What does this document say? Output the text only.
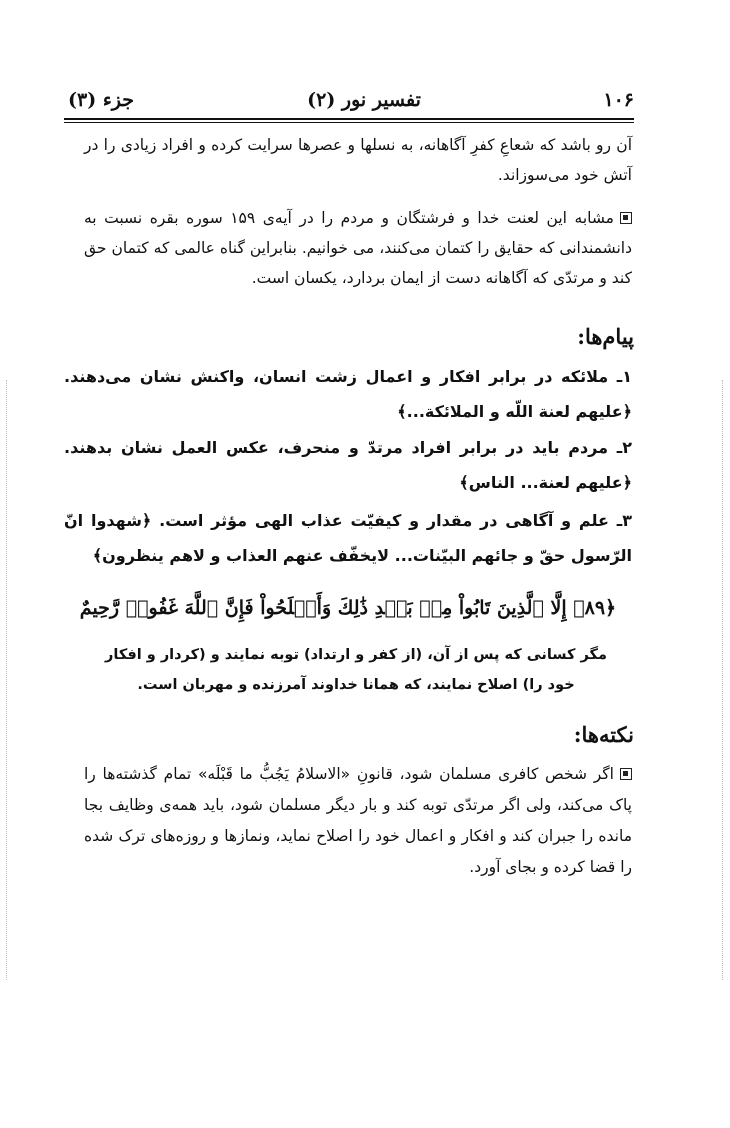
۱۰۶
تفسیر نور (۲)
جزء (۳)
آن رو باشد که شعاعِ کفرِ آگاهانه، به نسلها و عصرها سرایت کرده و افراد زیادی را در آتش خود می‌سوزاند.
مشابه این لعنت خدا و فرشتگان و مردم را در آیه‌ی ۱۵۹ سوره بقره نسبت به دانشمندانی که حقایق را کتمان می‌کنند، می خوانیم. بنابراین گناه عالمی که کتمان حق کند و مرتدّی که آگاهانه دست از ایمان بردارد، یکسان است.
پیام‌ها:
۱ـ ملائکه در برابر افکار و اعمال زشت انسان، واکنش نشان می‌دهند. ﴿علیهم لعنة اللّه و الملائکة...﴾
۲ـ مردم باید در برابر افراد مرتدّ و منحرف، عکس العمل نشان بدهند. ﴿علیهم لعنة... الناس﴾
۳ـ علم و آگاهی در مقدار و کیفیّت عذاب الهی مؤثر است. ﴿شهدوا انّ الرّسول حقّ و جائهم البیّنات... لایخفّف عنهم العذاب و لاهم ینظرون﴾
﴿۸۹﴾ إِلَّا ٱلَّذِينَ تَابُواْ مِنۢ بَعۡدِ ذَٰلِكَ وَأَصۡلَحُواْ فَإِنَّ ٱللَّهَ غَفُورٞ رَّحِيمٌ
مگر کسانی که پس از آن، (از کفر و ارتداد) توبه نمایند و (کردار و افکار خود را) اصلاح نمایند، که همانا خداوند آمرزنده و مهربان است.
نکته‌ها:
اگر شخص کافری مسلمان شود، قانونِ «الاسلامُ یَجُبُّ ما قَبْلَه» تمام گذشته‌ها را پاک می‌کند، ولی اگر مرتدّی توبه کند و بار دیگر مسلمان شود، باید همه‌ی وظایف بجا مانده را جبران کند و افکار و اعمال خود را اصلاح نماید، ونمازها و روزه‌های ترک شده را قضا کرده و بجای آورد.
